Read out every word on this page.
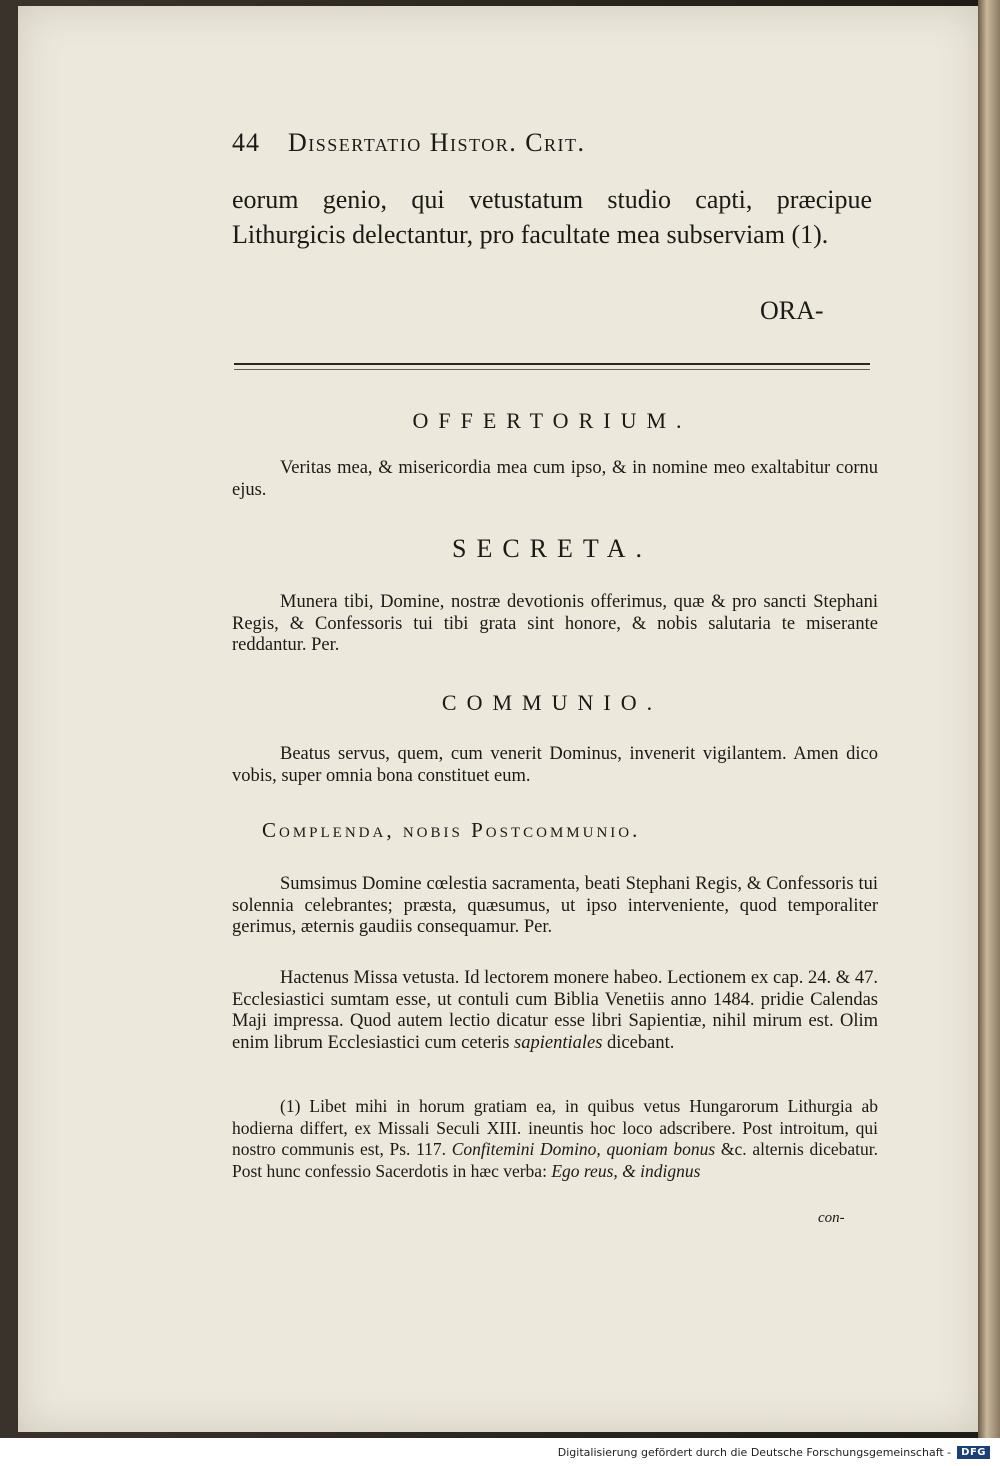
44 Dissertatio Histor. Crit.
eorum genio, qui vetustatum studio capti, præcipue Lithurgicis delectantur, pro facultate mea subserviam (1).
ORA-
OFFERTORIUM.
Veritas mea, & misericordia mea cum ipso, & in nomine meo exaltabitur cornu ejus.
SECRETA.
Munera tibi, Domine, nostræ devotionis offerimus, quæ & pro sancti Stephani Regis, & Confessoris tui tibi grata sint honore, & nobis salutaria te miserante reddantur. Per.
COMMUNIO.
Beatus servus, quem, cum venerit Dominus, invenerit vigilantem. Amen dico vobis, super omnia bona constituet eum.
Complenda, nobis Postcommunio.
Sumsimus Domine cœlestia sacramenta, beati Stephani Regis, & Confessoris tui solennia celebrantes; præsta, quæsumus, ut ipso interveniente, quod temporaliter gerimus, æternis gaudiis consequamur. Per.
Hactenus Missa vetusta. Id lectorem monere habeo. Lectionem ex cap. 24. & 47. Ecclesiastici sumtam esse, ut contuli cum Biblia Venetiis anno 1484. pridie Calendas Maji impressa. Quod autem lectio dicatur esse libri Sapientiæ, nihil mirum est. Olim enim librum Ecclesiastici cum ceteris sapientiales dicebant.
(1) Libet mihi in horum gratiam ea, in quibus vetus Hungarorum Lithurgia ab hodierna differt, ex Missali Seculi XIII. ineuntis hoc loco adscribere. Post introitum, qui nostro communis est, Ps. 117. Confitemini Domino, quoniam bonus &c. alternis dicebatur. Post hunc confessio Sacerdotis in hæc verba: Ego reus, & indignus
con-
Digitalisierung gefördert durch die Deutsche Forschungsgemeinschaft -	DFG
